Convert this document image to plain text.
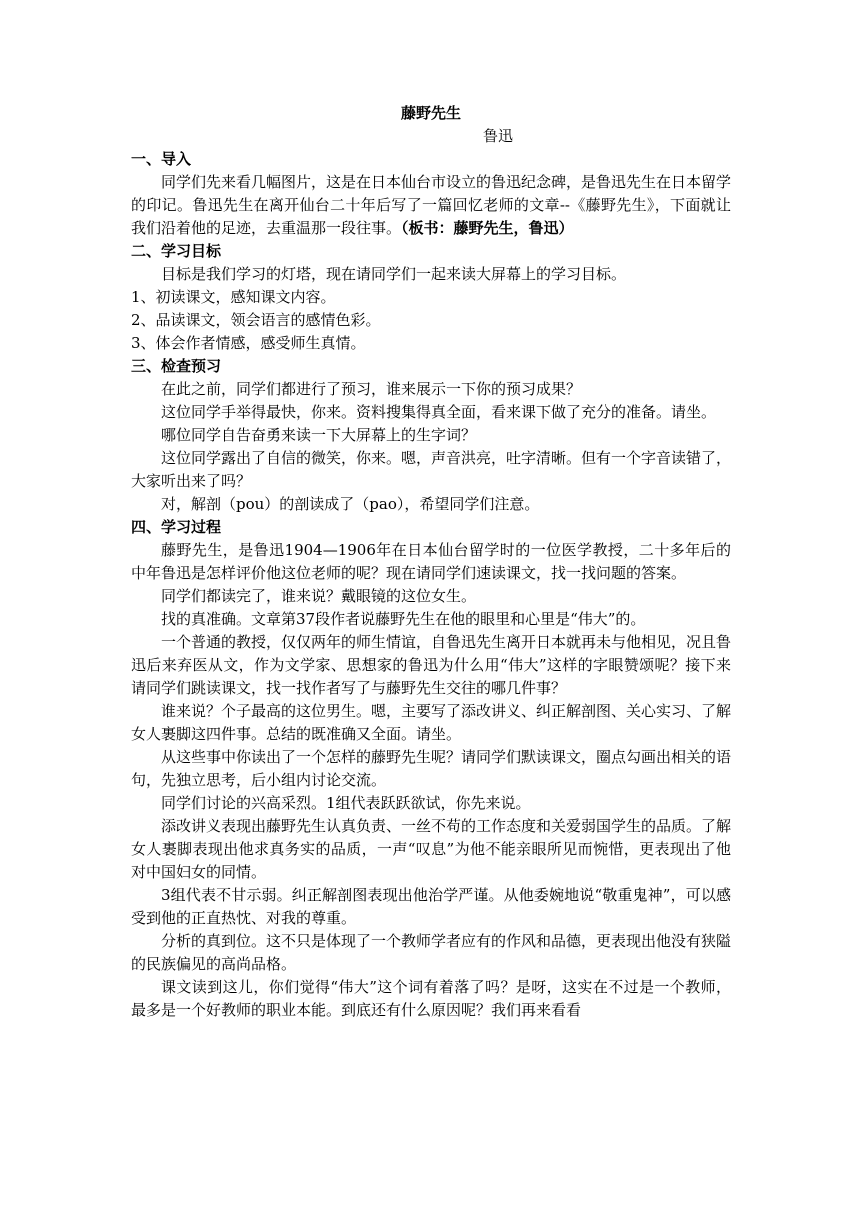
藤野先生

鲁迅

一、导入

同学们先来看几幅图片，这是在日本仙台市设立的鲁迅纪念碑，是鲁迅先生在日本留学的印记。鲁迅先生在离开仙台二十年后写了一篇回忆老师的文章--《藤野先生》，下面就让我们沿着他的足迹，去重温那一段往事。（板书：藤野先生，鲁迅）

二、学习目标

目标是我们学习的灯塔，现在请同学们一起来读大屏幕上的学习目标。

1、初读课文，感知课文内容。

2、品读课文，领会语言的感情色彩。

3、体会作者情感，感受师生真情。

三、检查预习

在此之前，同学们都进行了预习，谁来展示一下你的预习成果？

这位同学手举得最快，你来。资料搜集得真全面，看来课下做了充分的准备。请坐。

哪位同学自告奋勇来读一下大屏幕上的生字词？

这位同学露出了自信的微笑，你来。嗯，声音洪亮，吐字清晰。但有一个字音读错了，大家听出来了吗？

对，解剖（pou）的剖读成了（pao），希望同学们注意。

四、学习过程

藤野先生，是鲁迅1904—1906年在日本仙台留学时的一位医学教授，二十多年后的中年鲁迅是怎样评价他这位老师的呢？现在请同学们速读课文，找一找问题的答案。

同学们都读完了，谁来说？戴眼镜的这位女生。

找的真准确。文章第37段作者说藤野先生在他的眼里和心里是“伟大”的。

一个普通的教授，仅仅两年的师生情谊，自鲁迅先生离开日本就再未与他相见，况且鲁迅后来弃医从文，作为文学家、思想家的鲁迅为什么用“伟大”这样的字眼赞颂呢？接下来请同学们跳读课文，找一找作者写了与藤野先生交往的哪几件事？

谁来说？个子最高的这位男生。嗯，主要写了添改讲义、纠正解剖图、关心实习、了解女人裹脚这四件事。总结的既准确又全面。请坐。

从这些事中你读出了一个怎样的藤野先生呢？请同学们默读课文，圈点勾画出相关的语句，先独立思考，后小组内讨论交流。

同学们讨论的兴高采烈。1组代表跃跃欲试，你先来说。

添改讲义表现出藤野先生认真负责、一丝不苟的工作态度和关爱弱国学生的品质。了解女人裹脚表现出他求真务实的品质，一声“叹息”为他不能亲眼所见而惋惜，更表现出了他对中国妇女的同情。

3组代表不甘示弱。纠正解剖图表现出他治学严谨。从他委婉地说“敬重鬼神”，可以感受到他的正直热忱、对我的尊重。

分析的真到位。这不只是体现了一个教师学者应有的作风和品德，更表现出他没有狭隘的民族偏见的高尚品格。

课文读到这儿，你们觉得“伟大”这个词有着落了吗？是呀，这实在不过是一个教师，最多是一个好教师的职业本能。到底还有什么原因呢？我们再来看看
